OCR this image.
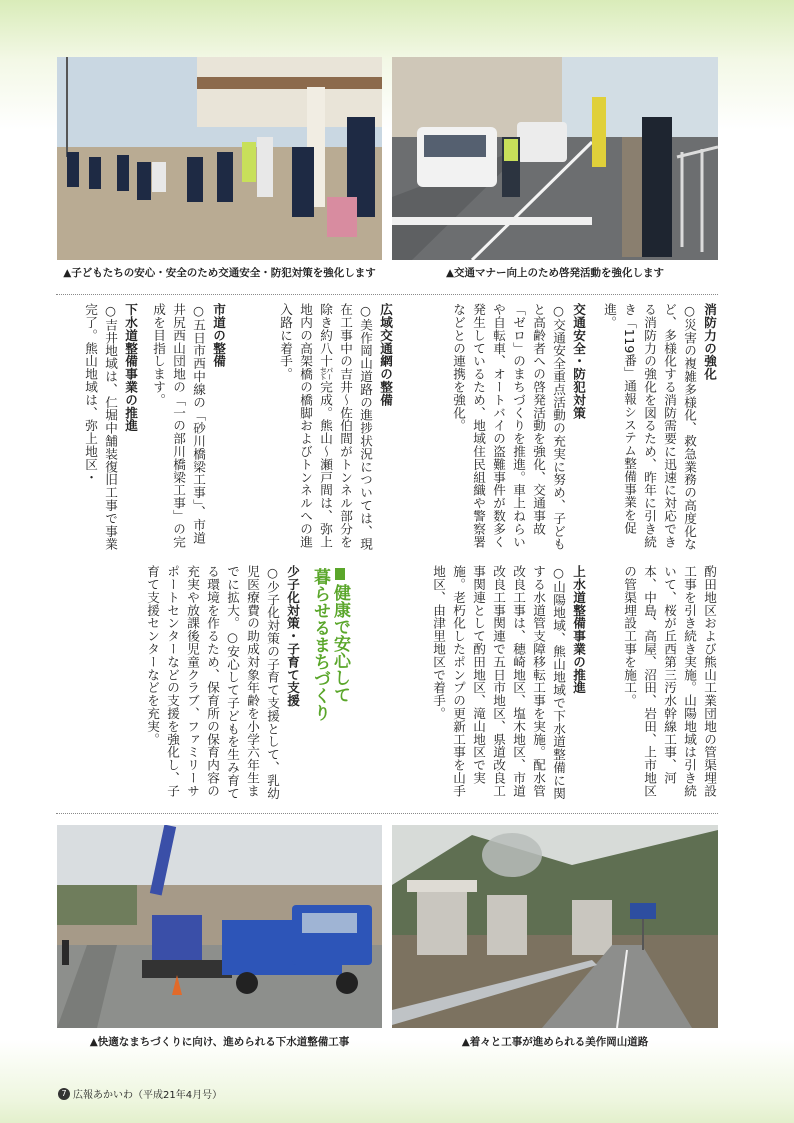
▲子どもたちの安心・安全のため交通安全・防犯対策を強化します	▲交通マナー向上のため啓発活動を強化します
消防力の強化

○災害の複雑多様化、救急業務の高度化など、多様化する消防需要に迅速に対応できる消防力の強化を図るため、昨年に引き続き「119番」通報システム整備事業を促進。

交通安全・防犯対策

○交通安全重点活動の充実に努め、子どもと高齢者への啓発活動を強化、交通事故「ゼロ」のまちづくりを推進。車上ねらいや自転車、オートバイの盗難事件が数多く発生しているため、地域住民組織や警察署などとの連携を強化。

広域交通網の整備

○美作岡山道路の進捗状況については、現在工事中の吉井～佐伯間がトンネル部分を除き約八十㌫完成。熊山～瀬戸間は、弥上地内の高架橋の橋脚およびトンネルへの進入路に着手。

市道の整備

○五日市西中線の「砂川橋梁工事」、市道井尻西山団地の「一の部川橋梁工事」の完成を目指します。

下水道整備事業の推進

○吉井地域は、仁堀中舗装復旧工事で事業完了。熊山地域は、弥上地区・

酌田地区および熊山工業団地の管渠埋設工事を引き続き実施。山陽地域は引き続いて、桜が丘西第三汚水幹線工事、河本、中島、高屋、沼田、岩田、上市地区の管渠埋設工事を施工。

上水道整備事業の推進

○山陽地域、熊山地域で下水道整備に関する水道管支障移転工事を実施。配水管改良工事は、穂崎地区、塩木地区、市道改良工事関連で五日市地区、県道改良工事関連として酌田地区、滝山地区で実施。老朽化したポンプの更新工事を山手地区、由津里地区で着手。

健康で安心して
暮らせるまちづくり
少子化対策・子育て支援

○少子化対策の子育て支援として、乳幼児医療費の助成対象年齢を小学六年生までに拡大。○安心して子どもを生み育てる環境を作るため、保育所の保育内容の充実や放課後児童クラブ、ファミリーサポートセンターなどの支援を強化し、子育て支援センターなどを充実。

▲快適なまちづくりに向け、進められる下水道整備工事	▲着々と工事が進められる美作岡山道路
7 広報あかいわ（平成21年4月号）
